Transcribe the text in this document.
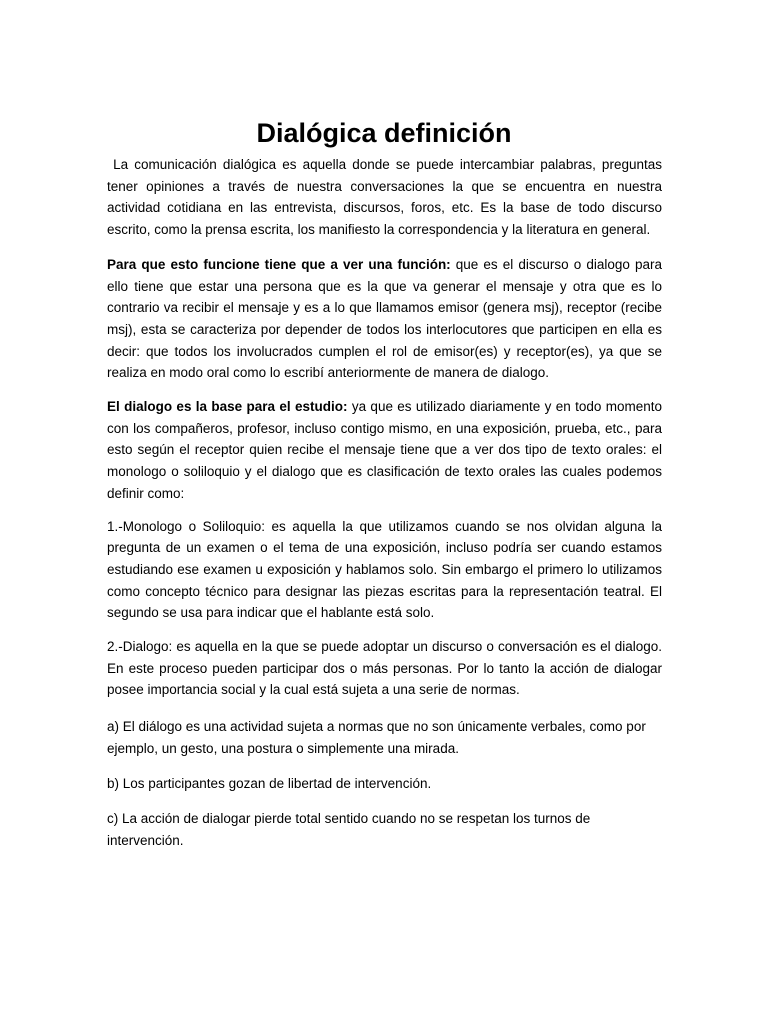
Dialógica definición

La comunicación dialógica es aquella donde se puede intercambiar palabras, preguntas tener opiniones a través de nuestra conversaciones la que se encuentra en nuestra actividad cotidiana en las entrevista, discursos, foros, etc. Es la base de todo discurso escrito, como la prensa escrita, los manifiesto la correspondencia y la literatura en general.

Para que esto funcione tiene que a ver una función: que es el discurso o dialogo para ello tiene que estar una persona que es la que va generar el mensaje y otra que es lo contrario va recibir el mensaje y es a lo que llamamos emisor (genera msj), receptor (recibe msj), esta se caracteriza por depender de todos los interlocutores que participen en ella es decir: que todos los involucrados cumplen el rol de emisor(es) y receptor(es), ya que se realiza en modo oral como lo escribí anteriormente de manera de dialogo.

El dialogo es la base para el estudio: ya que es utilizado diariamente y en todo momento con los compañeros, profesor, incluso contigo mismo, en una exposición, prueba, etc., para esto según el receptor quien recibe el mensaje tiene que a ver dos tipo de texto orales: el monologo o soliloquio y el dialogo que es clasificación de texto orales las cuales podemos definir como:

1.-Monologo o Soliloquio: es aquella la que utilizamos cuando se nos olvidan alguna la pregunta de un examen o el tema de una exposición, incluso podría ser cuando estamos estudiando ese examen u exposición y hablamos solo. Sin embargo el primero lo utilizamos como concepto técnico para designar las piezas escritas para la representación teatral. El segundo se usa para indicar que el hablante está solo.

2.-Dialogo: es aquella en la que se puede adoptar un discurso o conversación es el dialogo. En este proceso pueden participar dos o más personas. Por lo tanto la acción de dialogar posee importancia social y la cual está sujeta a una serie de normas.

a) El diálogo es una actividad sujeta a normas que no son únicamente verbales, como por ejemplo, un gesto, una postura o simplemente una mirada.

b) Los participantes gozan de libertad de intervención.

c) La acción de dialogar pierde total sentido cuando no se respetan los turnos de intervención.
